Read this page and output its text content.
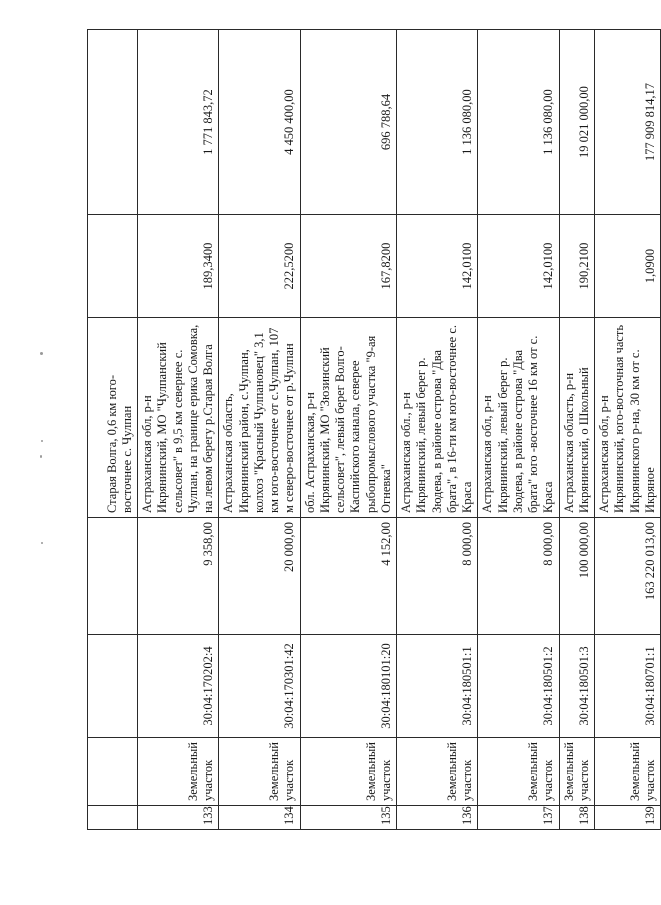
				Старая Волга, 0,6 км юго-восточнее с. Чулпан		
133	Земельный участок	30:04:170202:4	9 358,00	Астраханская обл, р-н Икрянинский, МО "Чулпанский сельсовет" в 9,5 км севернее с. Чулпан, на границе ерика Сомовка, на левом берегу р.Старая Волга	189,3400	1 771 843,72
134	Земельный участок	30:04:170301:42	20 000,00	Астраханская область, Икрянинский район, с.Чулпан, колхоз "Красный Чулпановец" 3,1 км юго-восточнее от с.Чулпан, 107 м северо-восточнее от р.Чулпан	222,5200	4 450 400,00
135	Земельный участок	30:04:180101:20	4 152,00	обл. Астраханская, р-н Икрянинский, МО "Зюзинский сельсовет", левый берег Волго-Каспийского канала, северее рыбопромыслового участка "9-ая Огневка"	167,8200	696 788,64
136	Земельный участок	30:04:180501:1	8 000,00	Астраханская обл., р-н Икрянинский, левый берег р. Зюдева, в районе острова "Два брата", в 16-ти км юго-восточнее с. Краса	142,0100	1 136 080,00
137	Земельный участок	30:04:180501:2	8 000,00	Астраханская обл, р-н Икрянинский, левый берег р. Зюдева, в районе острова "Два брата" юго -восточнее 16 км от с. Краса	142,0100	1 136 080,00
138	Земельный участок	30:04:180501:3	100 000,00	Астраханская область, р-н Икрянинский, о Школьный	190,2100	19 021 000,00
139	Земельный участок	30:04:180701:1	163 220 013,00	Астраханская обл, р-н Икрянинский, юго-восточная часть Икрянинского р-на, 30 км от с. Икряное	1,0900	177 909 814,17
